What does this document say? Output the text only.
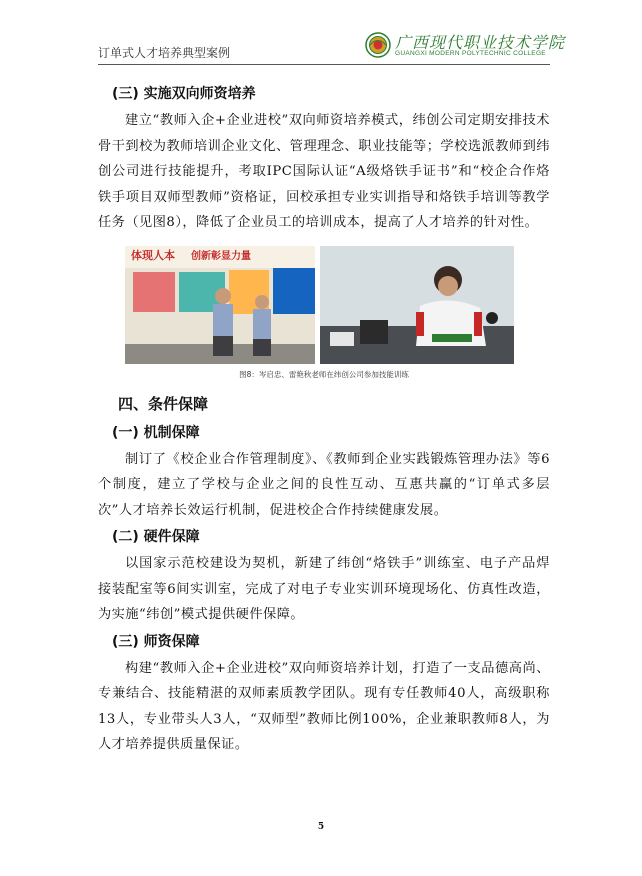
订单式人才培养典型案例
广西现代职业技术学院
GUANGXI MODERN POLYTECHNIC COLLEGE

(三) 实施双向师资培养

建立“教师入企+企业进校”双向师资培养模式，纬创公司定期安排技术骨干到校为教师培训企业文化、管理理念、职业技能等；学校选派教师到纬创公司进行技能提升，考取IPC国际认证“A级烙铁手证书”和“校企合作烙铁手项目双师型教师”资格证，回校承担专业实训指导和烙铁手培训等教学任务（见图8），降低了企业员工的培训成本，提高了人才培养的针对性。

体现人本 创新彰显力量

图8：岑启忠、雷艳秋老师在纬创公司参加技能训练

四、条件保障

(一) 机制保障

制订了《校企业合作管理制度》、《教师到企业实践锻炼管理办法》等6个制度，建立了学校与企业之间的良性互动、互惠共赢的“订单式多层次”人才培养长效运行机制，促进校企合作持续健康发展。

(二) 硬件保障

以国家示范校建设为契机，新建了纬创“烙铁手”训练室、电子产品焊接装配室等6间实训室，完成了对电子专业实训环境现场化、仿真性改造，为实施“纬创”模式提供硬件保障。

(三) 师资保障

构建“教师入企+企业进校”双向师资培养计划，打造了一支品德高尚、专兼结合、技能精湛的双师素质教学团队。现有专任教师40人，高级职称13人，专业带头人3人，“双师型”教师比例100%，企业兼职教师8人，为人才培养提供质量保证。

5
